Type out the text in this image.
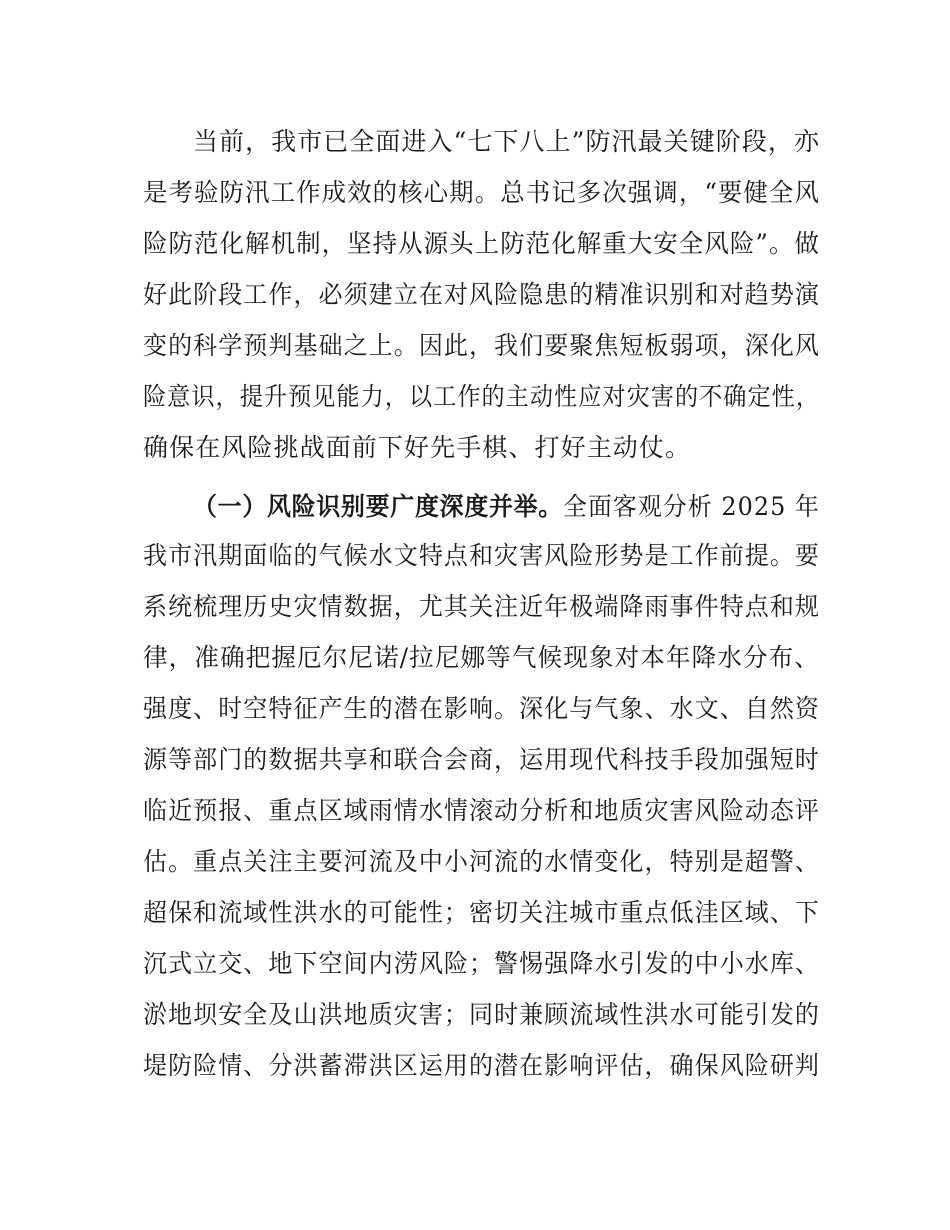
当前，我市已全面进入“七下八上”防汛最关键阶段，亦
是考验防汛工作成效的核心期。总书记多次强调，“要健全风
险防范化解机制，坚持从源头上防范化解重大安全风险”。做
好此阶段工作，必须建立在对风险隐患的精准识别和对趋势演
变的科学预判基础之上。因此，我们要聚焦短板弱项，深化风
险意识，提升预见能力，以工作的主动性应对灾害的不确定性，
确保在风险挑战面前下好先手棋、打好主动仗。
（一）风险识别要广度深度并举。全面客观分析 2025 年
我市汛期面临的气候水文特点和灾害风险形势是工作前提。要
系统梳理历史灾情数据，尤其关注近年极端降雨事件特点和规
律，准确把握厄尔尼诺/拉尼娜等气候现象对本年降水分布、
强度、时空特征产生的潜在影响。深化与气象、水文、自然资
源等部门的数据共享和联合会商，运用现代科技手段加强短时
临近预报、重点区域雨情水情滚动分析和地质灾害风险动态评
估。重点关注主要河流及中小河流的水情变化，特别是超警、
超保和流域性洪水的可能性；密切关注城市重点低洼区域、下
沉式立交、地下空间内涝风险；警惕强降水引发的中小水库、
淤地坝安全及山洪地质灾害；同时兼顾流域性洪水可能引发的
堤防险情、分洪蓄滞洪区运用的潜在影响评估，确保风险研判
